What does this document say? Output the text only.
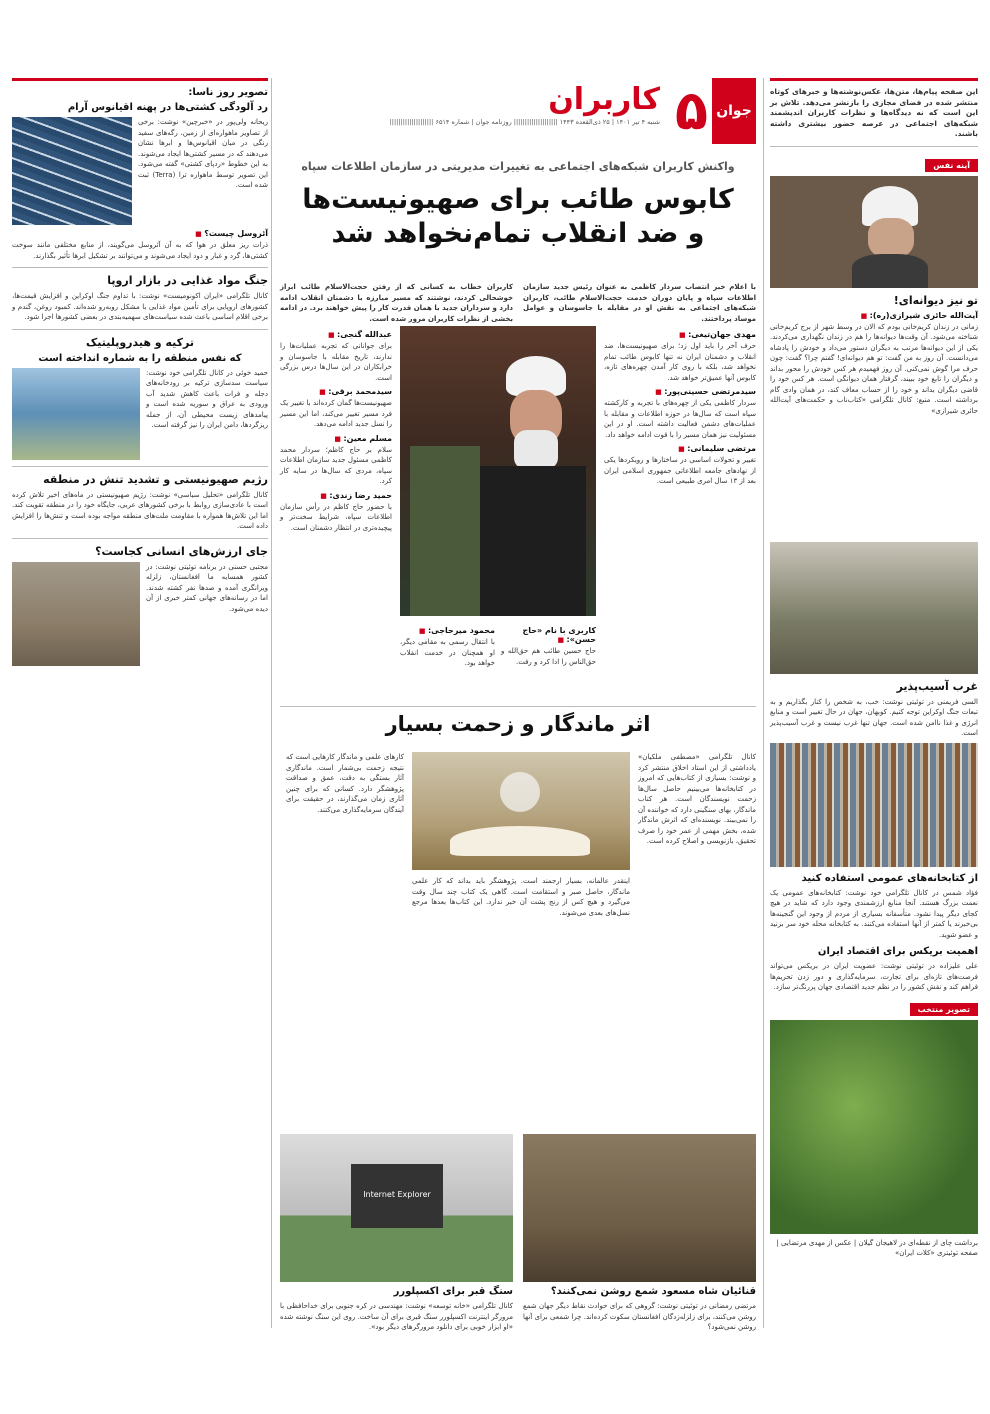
این صفحه پیام‌ها، متن‌ها، عکس‌نوشته‌ها و خبرهای کوتاه منتشر شده در فضای مجازی را بازنشر می‌دهد. تلاش بر این است که نه دیدگاه‌ها و نظرات کاربران اندیشمند شبکه‌های اجتماعی در عرصه حضور بیشتری داشته باشند.

آینه نفس
تو نیز دیوانه‌ای!
آیت‌الله حائری شیرازی(ره): ■

زمانی در زندان کریم‌خانی بودم که الان در وسط شهر از برج کریم‌خانی شناخته می‌شود. آن وقت‌ها دیوانه‌ها را هم در زندان نگهداری می‌کردند. یکی از این دیوانه‌ها مرتب به دیگران دستور می‌داد و خودش را پادشاه می‌دانست. آن روز به من گفت: تو هم دیوانه‌ای! گفتم چرا؟ گفت: چون حرف مرا گوش نمی‌کنی. آن روز فهمیدم هر کس خودش را محور بداند و دیگران را تابع خود ببیند، گرفتار همان دیوانگی است. هر کس خود را قاضی دیگران بداند و خود را از حساب معاف کند، در همان وادی گام برداشته است. منبع: کانال تلگرامی «کتاب‌ناب و حکمت‌های آیت‌الله حائری شیرازی»

غرب آسیب‌پذیر

السی فریمنی در توئیتی نوشت: خب، به شخص را کنار بگذاریم و به تبعات جنگ اوکراین توجه کنیم. کوبهان، جهان در حال تغییر است و منابع انرژی و غذا ناامن شده است. جهان تنها غرب نیست و غرب آسیب‌پذیر است.

از کتابخانه‌های عمومی استفاده کنید

فؤاد شمس در کانال تلگرامی خود نوشت: کتابخانه‌های عمومی یک نعمت بزرگ هستند. آنجا منابع ارزشمندی وجود دارد که شاید در هیچ کجای دیگر پیدا نشود. متأسفانه بسیاری از مردم از وجود این گنجینه‌ها بی‌خبرند یا کمتر از آنها استفاده می‌کنند. به کتابخانه محله خود سر بزنید و عضو شوید.

اهمیت بریکس برای اقتصاد ایران

علی علیزاده در توئیتی نوشت: عضویت ایران در بریکس می‌تواند فرصت‌های تازه‌ای برای تجارت، سرمایه‌گذاری و دور زدن تحریم‌ها فراهم کند و نقش کشور را در نظم جدید اقتصادی جهان پررنگ‌تر سازد.

تصویر منتخب

برداشت چای از نقطه‌ای در لاهیجان گیلان | عکس از مهدی مرتضایی | صفحه توئیتری «کلات ایران»

جوان
۵
کاربران
شنبه ۴ تیر ۱۴۰۱ | ۲۵ ذی‌القعده ۱۴۴۳ |||||||||||||||||||| روزنامه جوان | شماره ۶۵۱۴ ||||||||||||||||||||
واکنش کاربران شبکه‌های اجتماعی به تغییرات مدیریتی در سازمان اطلاعات سپاه
کابوس طائب برای صهیونیست‌ها
و ضد انقلاب تمام‌نخواهد شد

با اعلام خبر انتصاب سردار کاظمی به عنوان رئیس جدید سازمان اطلاعات سپاه و پایان دوران خدمت حجت‌الاسلام طائب، کاربران شبکه‌های اجتماعی به نقش او در مقابله با جاسوسان و عوامل موساد پرداختند.

کاربران خطاب به کسانی که از رفتن حجت‌الاسلام طائب ابراز خوشحالی کردند، نوشتند که مسیر مبارزه با دشمنان انقلاب ادامه دارد و سرداران جدید با همان قدرت کار را پیش خواهند برد. در ادامه بخشی از نظرات کاربران مرور شده است.

مهدی جهان‌تیغی: ■

حرف آخر را باید اول زد؛ برای صهیونیست‌ها، ضد انقلاب و دشمنان ایران نه تنها کابوس طائب تمام نخواهد شد، بلکه با روی کار آمدن چهره‌های تازه، کابوس آنها عمیق‌تر خواهد شد.

سیدمرتضی حسینی‌پور: ■

سردار کاظمی یکی از چهره‌های با تجربه و کارکشته سپاه است که سال‌ها در حوزه اطلاعات و مقابله با عملیات‌های دشمن فعالیت داشته است. او در این مسئولیت نیز همان مسیر را با قوت ادامه خواهد داد.

مرتضی سلیمانی: ■

تغییر و تحولات اساسی در ساختارها و رویکردها یکی از نهادهای جامعه اطلاعاتی جمهوری اسلامی ایران بعد از ۱۳ سال امری طبیعی است.

عبدالله گنجی: ■

برای جوانانی که تجربه عملیات‌ها را ندارند، تاریخ مقابله با جاسوسان و خرابکاران در این سال‌ها درس بزرگی است.

سیدمحمد برقی: ■

صهیونیست‌ها گمان کرده‌اند با تغییر یک فرد مسیر تغییر می‌کند، اما این مسیر را نسل جدید ادامه می‌دهد.

مسلم معین: ■

سلام بر حاج کاظم؛ سردار محمد کاظمی مسئول جدید سازمان اطلاعات سپاه، مردی که سال‌ها در سایه کار کرد.

حمید رضا زندی: ■

با حضور حاج کاظم در رأس سازمان اطلاعات سپاه، شرایط سخت‌تر و پیچیده‌تری در انتظار دشمنان است.

کاربری با نام «حاج حسن»: ■

حاج حسین طائب هم حق‌الله و حق‌الناس را ادا کرد و رفت.

محمود میرحاجی: ■

با انتقال رسمی به مقامی دیگر، او همچنان در خدمت انقلاب خواهد بود.

اثر ماندگار و زحمت بسیار

کانال تلگرامی «مصطفی ملکیان» یادداشتی از این استاد اخلاق منتشر کرد و نوشت: بسیاری از کتاب‌هایی که امروز در کتابخانه‌ها می‌بینیم حاصل سال‌ها زحمت نویسندگان است. هر کتاب ماندگار، بهای سنگینی دارد که خواننده آن را نمی‌بیند. نویسنده‌ای که اثرش ماندگار شده، بخش مهمی از عمر خود را صرف تحقیق، بازنویسی و اصلاح کرده است.

اینقدر عالمانه، بسیار ارجمند است. پژوهشگر باید بداند که کار علمی ماندگار، حاصل صبر و استقامت است. گاهی یک کتاب چند سال وقت می‌گیرد و هیچ کس از رنج پشت آن خبر ندارد. این کتاب‌ها بعدها مرجع نسل‌های بعدی می‌شوند.

کارهای علمی و ماندگار کارهایی است که نتیجه زحمت بی‌شمار است. ماندگاری آثار بستگی به دقت، عمق و صداقت پژوهشگر دارد. کسانی که برای چنین آثاری زمان می‌گذارند، در حقیقت برای آیندگان سرمایه‌گذاری می‌کنند.

تصویر روز ناسا:
رد آلودگی کشتی‌ها در پهنه اقیانوس آرام

ریحانه ولی‌پور در «خبرچین» نوشت: برخی از تصاویر ماهواره‌ای از زمین، رگه‌های سفید رنگی در میان اقیانوس‌ها و ابرها نشان می‌دهند که در مسیر کشتی‌ها ایجاد می‌شوند. به این خطوط «ردپای کشتی» گفته می‌شود. این تصویر توسط ماهواره ترا (Terra) ثبت شده است.

آئروسل چیست؟ ■

ذرات ریز معلق در هوا که به آن آئروسل می‌گویند، از منابع مختلفی مانند سوخت کشتی‌ها، گرد و غبار و دود ایجاد می‌شوند و می‌توانند بر تشکیل ابرها تأثیر بگذارند.

جنگ مواد غذایی در بازار اروپا

کانال تلگرامی «ایران اکونومیست» نوشت: با تداوم جنگ اوکراین و افزایش قیمت‌ها، کشورهای اروپایی برای تأمین مواد غذایی با مشکل روبه‌رو شده‌اند. کمبود روغن، گندم و برخی اقلام اساسی باعث شده سیاست‌های سهمیه‌بندی در بعضی کشورها اجرا شود.

ترکیه و هیدروپلیتیک
که نفس منطقه را به شماره انداخته است

حمید خوئی در کانال تلگرامی خود نوشت: سیاست سدسازی ترکیه بر رودخانه‌های دجله و فرات باعث کاهش شدید آب ورودی به عراق و سوریه شده است و پیامدهای زیست محیطی آن، از جمله ریزگردها، دامن ایران را نیز گرفته است.

رژیم صهیونیستی و تشدید تنش در منطقه

کانال تلگرامی «تحلیل سیاسی» نوشت: رژیم صهیونیستی در ماه‌های اخیر تلاش کرده است با عادی‌سازی روابط با برخی کشورهای عربی، جایگاه خود را در منطقه تقویت کند. اما این تلاش‌ها همواره با مقاومت ملت‌های منطقه مواجه بوده است و تنش‌ها را افزایش داده است.

جای ارزش‌های انسانی کجاست؟

مجتبی حسنی در برنامه توئیتی نوشت: در کشور همسایه ما افغانستان، زلزله ویرانگری آمده و صدها نفر کشته شدند. اما در رسانه‌های جهانی کمتر خبری از آن دیده می‌شود.

قنائیان شاه مسعود شمع روشن نمی‌کنند؟

مرتضی رمضانی در توئیتی نوشت: گروهی که برای حوادث نقاط دیگر جهان شمع روشن می‌کنند، برای زلزله‌زدگان افغانستان سکوت کرده‌اند. چرا شمعی برای آنها روشن نمی‌شود؟

Internet Explorer
سنگ قبر برای اکسپلورر

کانال تلگرامی «خانه توسعه» نوشت: مهندسی در کره جنوبی برای خداحافظی با مرورگر اینترنت اکسپلورر سنگ قبری برای آن ساخت. روی این سنگ نوشته شده «او ابزار خوبی برای دانلود مرورگرهای دیگر بود».
